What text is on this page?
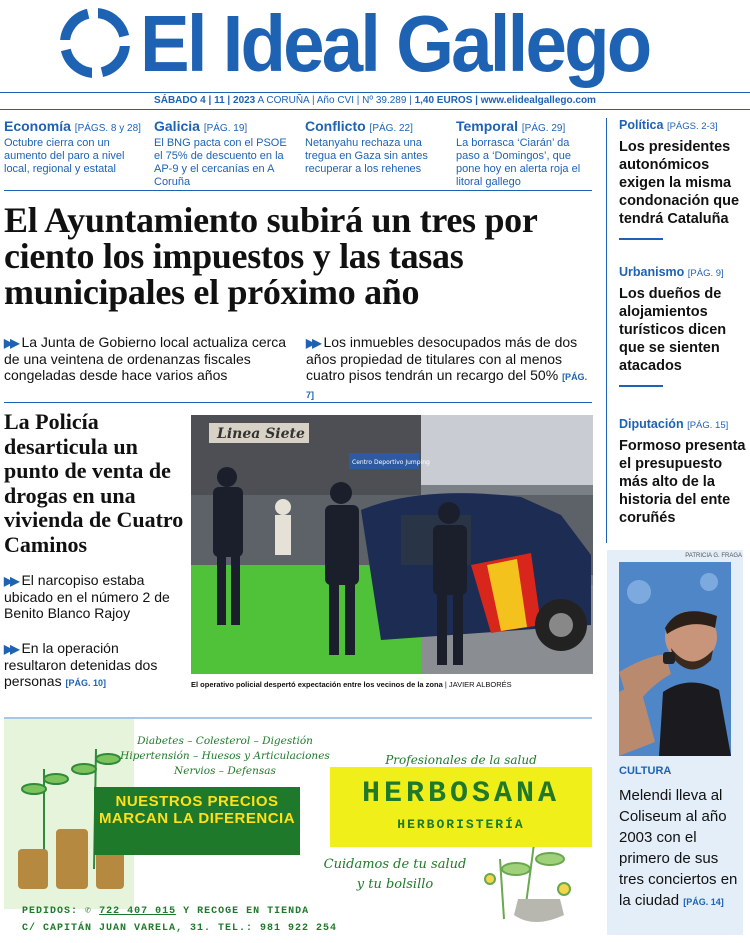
El Ideal Gallego
SÁBADO 4 | 11 | 2023 A CORUÑA | Año CVI | Nº 39.289 | 1,40 EUROS | www.elidealgallego.com
Economía [PÁGS. 8 y 28]
Octubre cierra con un aumento del paro a nivel local, regional y estatal
Galicia [PÁG. 19]
El BNG pacta con el PSOE el 75% de descuento en la AP-9 y el cercanías en A Coruña
Conflicto [PÁG. 22]
Netanyahu rechaza una tregua en Gaza sin antes recuperar a los rehenes
Temporal [PÁG. 29]
La borrasca ‘Ciarán’ da paso a ‘Domingos’, que pone hoy en alerta roja el litoral gallego
El Ayuntamiento subirá un tres por ciento los impuestos y las tasas municipales el próximo año
▶▶ La Junta de Gobierno local actualiza cerca de una veintena de ordenanzas fiscales congeladas desde hace varios años
▶▶ Los inmuebles desocupados más de dos años propiedad de titulares con al menos cuatro pisos tendrán un recargo del 50% [PÁG. 7]
La Policía desarticula un punto de venta de drogas en una vivienda de Cuatro Caminos
▶▶ El narcopiso estaba ubicado en el número 2 de Benito Blanco Rajoy
▶▶ En la operación resultaron detenidas dos personas [PÁG. 10]
Linea Siete
Centro Deportivo Jumping
El operativo policial despertó expectación entre los vecinos de la zona | JAVIER ALBORÉS
Política [PÁGS. 2-3]
Los presidentes autonómicos exigen la misma condonación que tendrá Cataluña
Urbanismo [PÁG. 9]
Los dueños de alojamientos turísticos dicen que se sienten atacados
Diputación [PÁG. 15]
Formoso presenta el presupuesto más alto de la historia del ente coruñés
PATRICIA G. FRAGA
CULTURA
Melendi lleva al Coliseum al año 2003 con el primero de sus tres conciertos en la ciudad [PÁG. 14]
Diabetes – Colesterol – Digestión
Hipertensión – Huesos y Articulaciones
Nervios – Defensas
NUESTROS PRECIOS MARCAN LA DIFERENCIA
Profesionales de la salud
HERBOSANA
HERBORISTERÍA
Cuidamos de tu salud
y tu bolsillo
PEDIDOS: ✆ 722 407 015 Y RECOGE EN TIENDA
C/ CAPITÁN JUAN VARELA, 31. TEL.: 981 922 254
